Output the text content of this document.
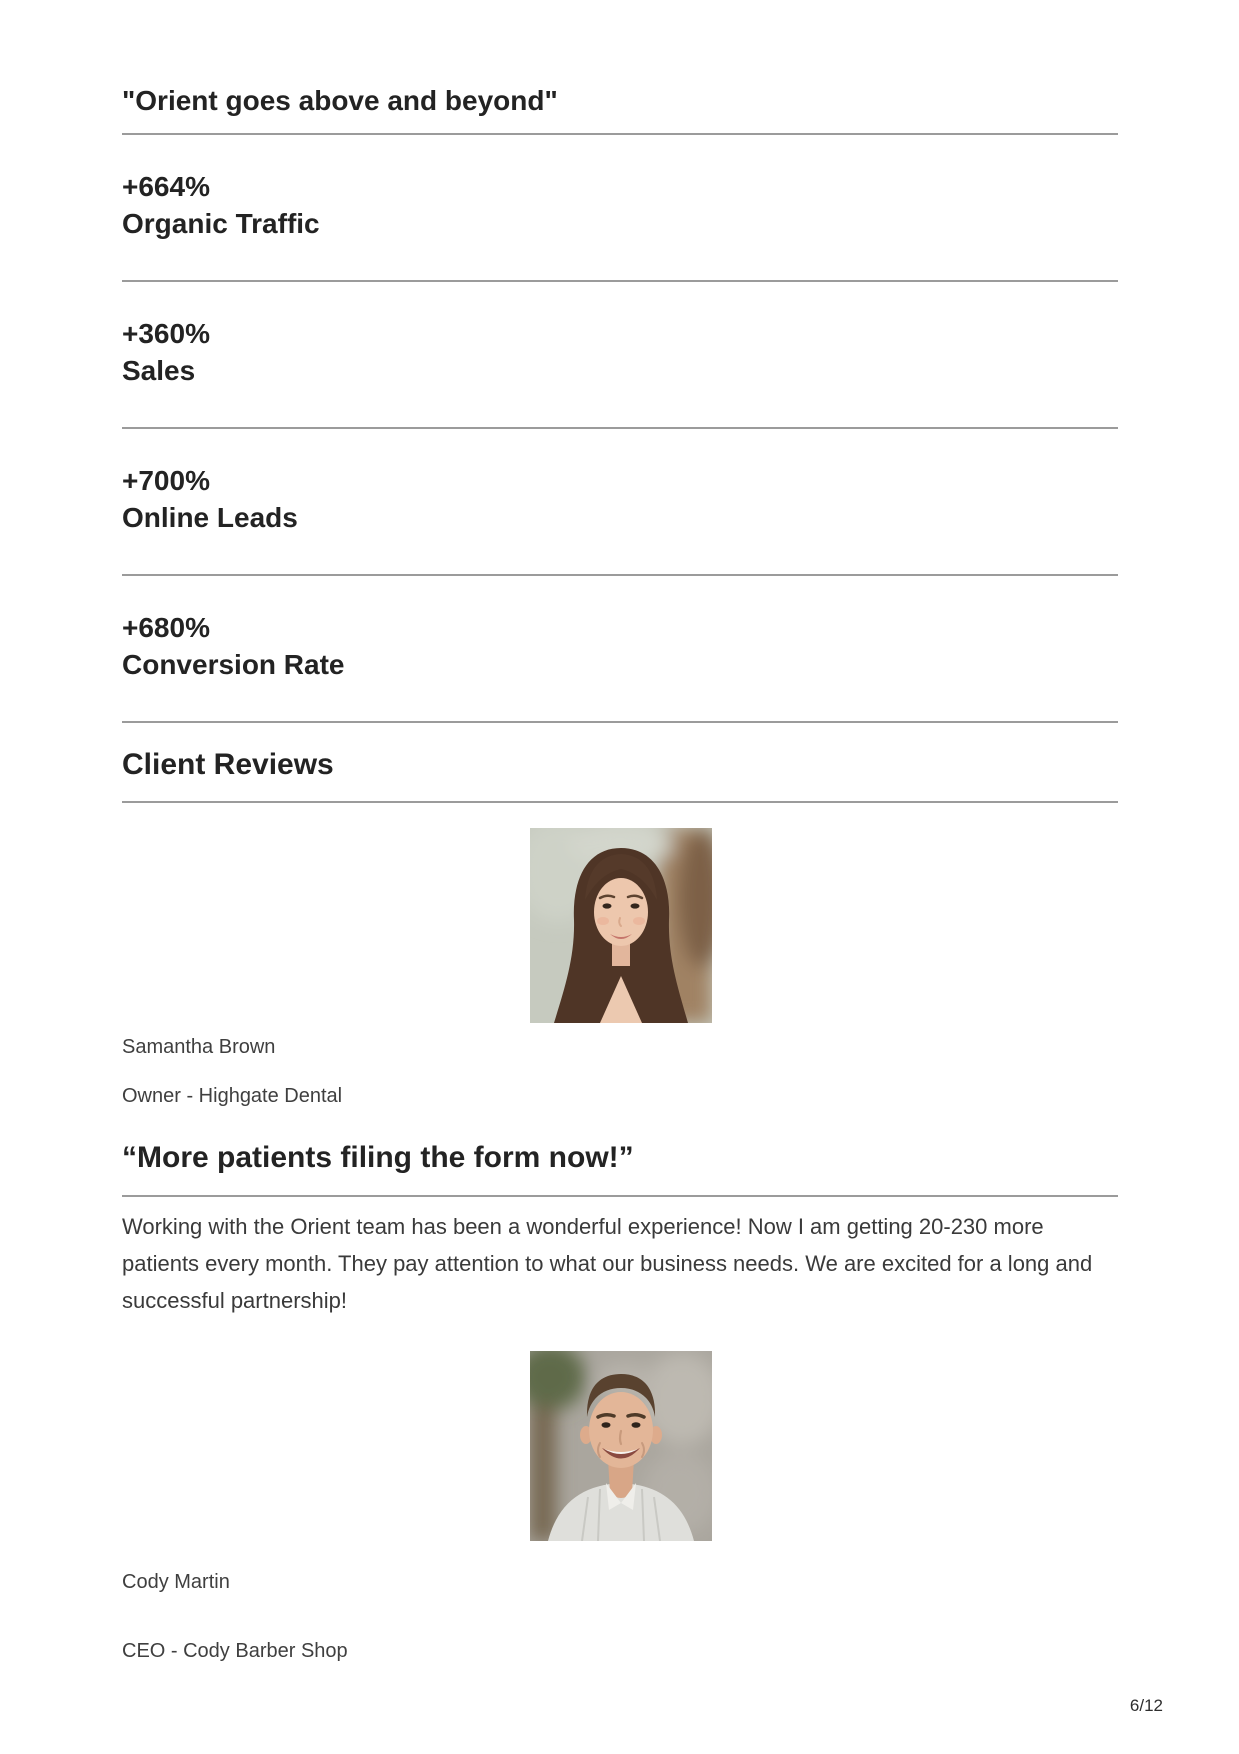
"Orient goes above and beyond"
+664%
Organic Traffic
+360%
Sales
+700%
Online Leads
+680%
Conversion Rate
Client Reviews
Samantha Brown
Owner - Highgate Dental
“More patients filing the form now!”

Working with the Orient team has been a wonderful experience! Now I am getting 20-230 more patients every month. They pay attention to what our business needs. We are excited for a long and successful partnership!

Cody Martin
CEO - Cody Barber Shop
6/12
